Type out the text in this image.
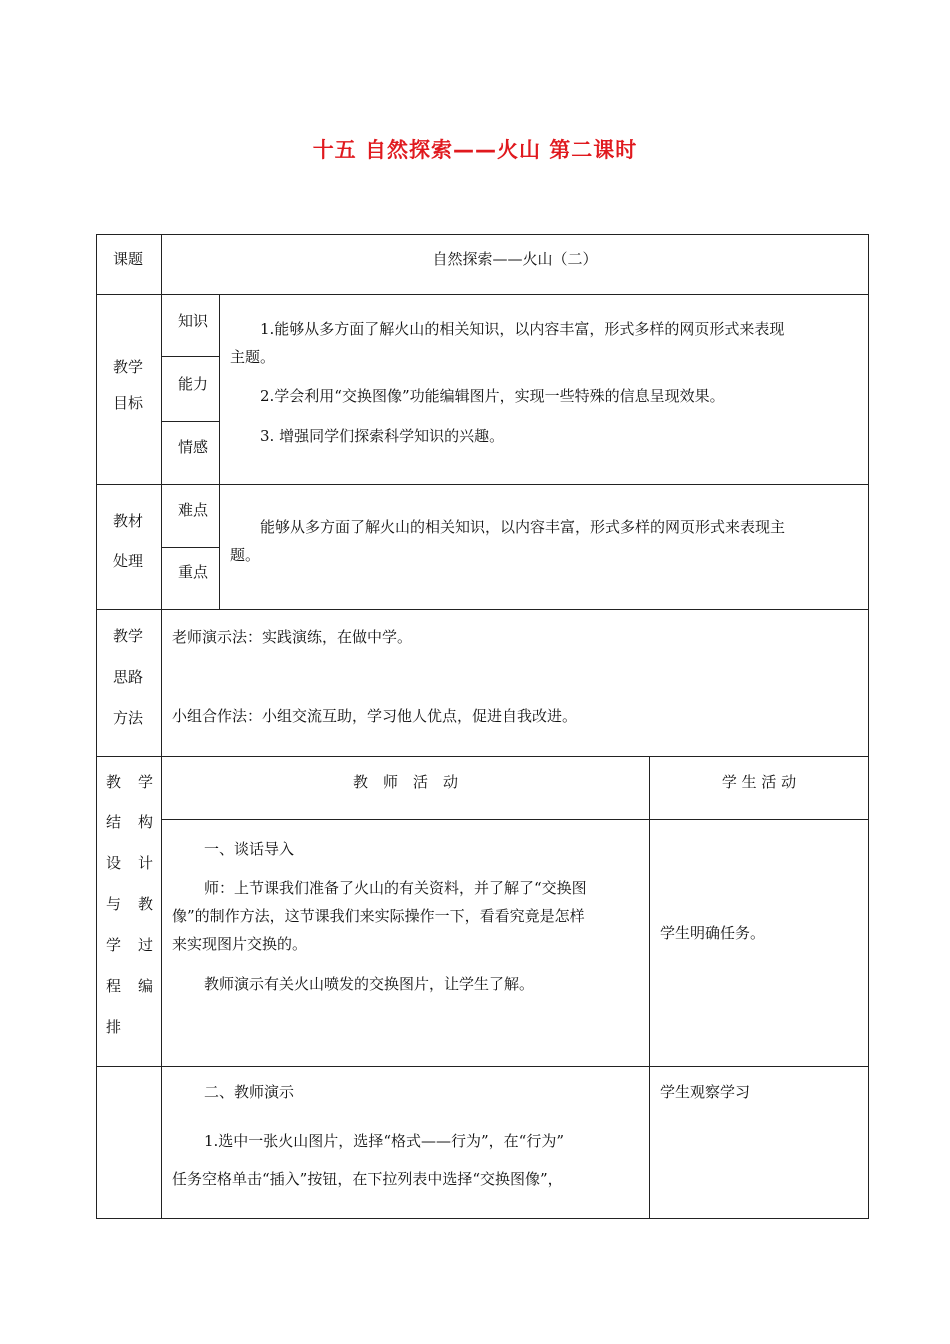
十五 自然探索——火山 第二课时
课题	自然探索——火山（二）
教学
目标
知识
能力
情感
1.能够从多方面了解火山的相关知识，以内容丰富，形式多样的网页形式来表现
主题。
2.学会利用“交换图像”功能编辑图片，实现一些特殊的信息呈现效果。
3. 增强同学们探索科学知识的兴趣。
教材
处理
难点
重点
能够从多方面了解火山的相关知识，以内容丰富，形式多样的网页形式来表现主
题。
教学
思路
方法
老师演示法：实践演练，在做中学。
小组合作法：小组交流互助，学习他人优点，促进自我改进。
教 学
结 构
设 计
与 教
学 过
程 编
排
教　师　活　动	学 生 活 动
一、谈话导入
师：上节课我们准备了火山的有关资料，并了解了“交换图
像”的制作方法，这节课我们来实际操作一下，看看究竟是怎样
来实现图片交换的。
教师演示有关火山喷发的交换图片，让学生了解。
学生明确任务。
二、教师演示
1.选中一张火山图片，选择“格式——行为”，在“行为”
任务空格单击“插入”按钮，在下拉列表中选择“交换图像”，
学生观察学习
